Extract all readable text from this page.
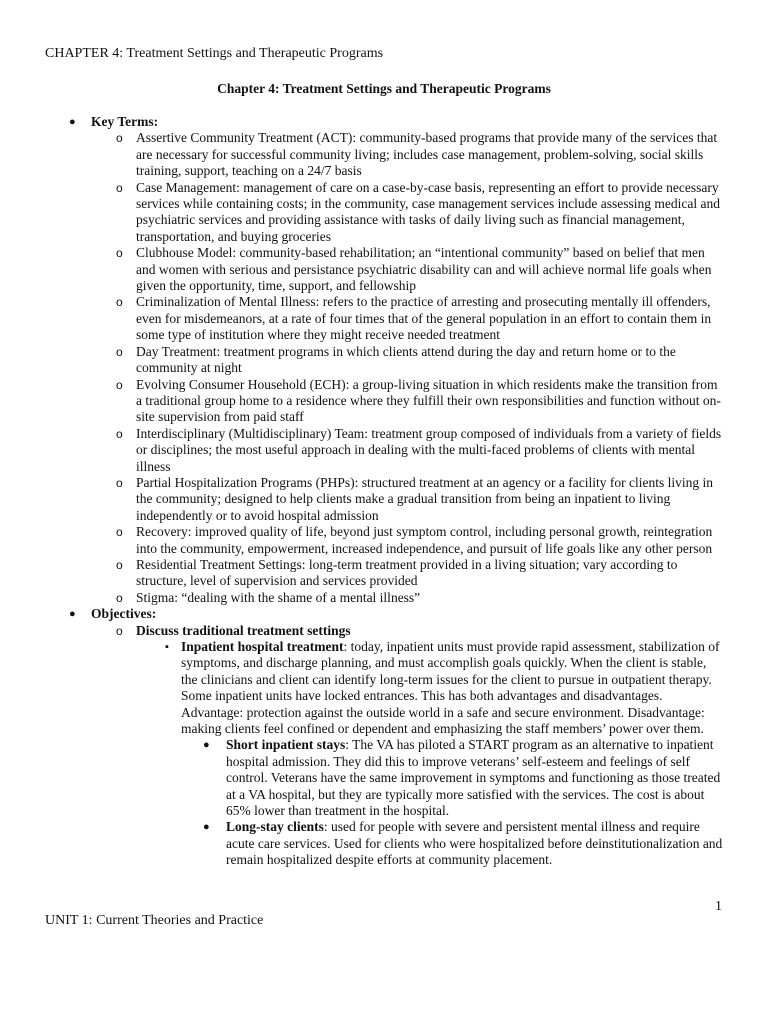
CHAPTER 4: Treatment Settings and Therapeutic Programs
Chapter 4: Treatment Settings and Therapeutic Programs
● Key Terms:
o Assertive Community Treatment (ACT): community-based programs that provide many of the services that are necessary for successful community living; includes case management, problem-solving, social skills training, support, teaching on a 24/7 basis
o Case Management: management of care on a case-by-case basis, representing an effort to provide necessary services while containing costs; in the community, case management services include assessing medical and psychiatric services and providing assistance with tasks of daily living such as financial management, transportation, and buying groceries
o Clubhouse Model: community-based rehabilitation; an “intentional community” based on belief that men and women with serious and persistance psychiatric disability can and will achieve normal life goals when given the opportunity, time, support, and fellowship
o Criminalization of Mental Illness: refers to the practice of arresting and prosecuting mentally ill offenders, even for misdemeanors, at a rate of four times that of the general population in an effort to contain them in some type of institution where they might receive needed treatment
o Day Treatment: treatment programs in which clients attend during the day and return home or to the community at night
o Evolving Consumer Household (ECH): a group-living situation in which residents make the transition from a traditional group home to a residence where they fulfill their own responsibilities and function without on-site supervision from paid staff
o Interdisciplinary (Multidisciplinary) Team: treatment group composed of individuals from a variety of fields or disciplines; the most useful approach in dealing with the multi-faced problems of clients with mental illness
o Partial Hospitalization Programs (PHPs): structured treatment at an agency or a facility for clients living in the community; designed to help clients make a gradual transition from being an inpatient to living independently or to avoid hospital admission
o Recovery: improved quality of life, beyond just symptom control, including personal growth, reintegration into the community, empowerment, increased independence, and pursuit of life goals like any other person
o Residential Treatment Settings: long-term treatment provided in a living situation; vary according to structure, level of supervision and services provided
o Stigma: “dealing with the shame of a mental illness”
● Objectives:
o Discuss traditional treatment settings
▪ Inpatient hospital treatment: today, inpatient units must provide rapid assessment, stabilization of symptoms, and discharge planning, and must accomplish goals quickly. When the client is stable, the clinicians and client can identify long-term issues for the client to pursue in outpatient therapy. Some inpatient units have locked entrances. This has both advantages and disadvantages. Advantage: protection against the outside world in a safe and secure environment. Disadvantage: making clients feel confined or dependent and emphasizing the staff members’ power over them.
● Short inpatient stays: The VA has piloted a START program as an alternative to inpatient hospital admission. They did this to improve veterans’ self-esteem and feelings of self control. Veterans have the same improvement in symptoms and functioning as those treated at a VA hospital, but they are typically more satisfied with the services. The cost is about 65% lower than treatment in the hospital.
● Long-stay clients: used for people with severe and persistent mental illness and require acute care services. Used for clients who were hospitalized before deinstitutionalization and remain hospitalized despite efforts at community placement.
1
UNIT 1: Current Theories and Practice
